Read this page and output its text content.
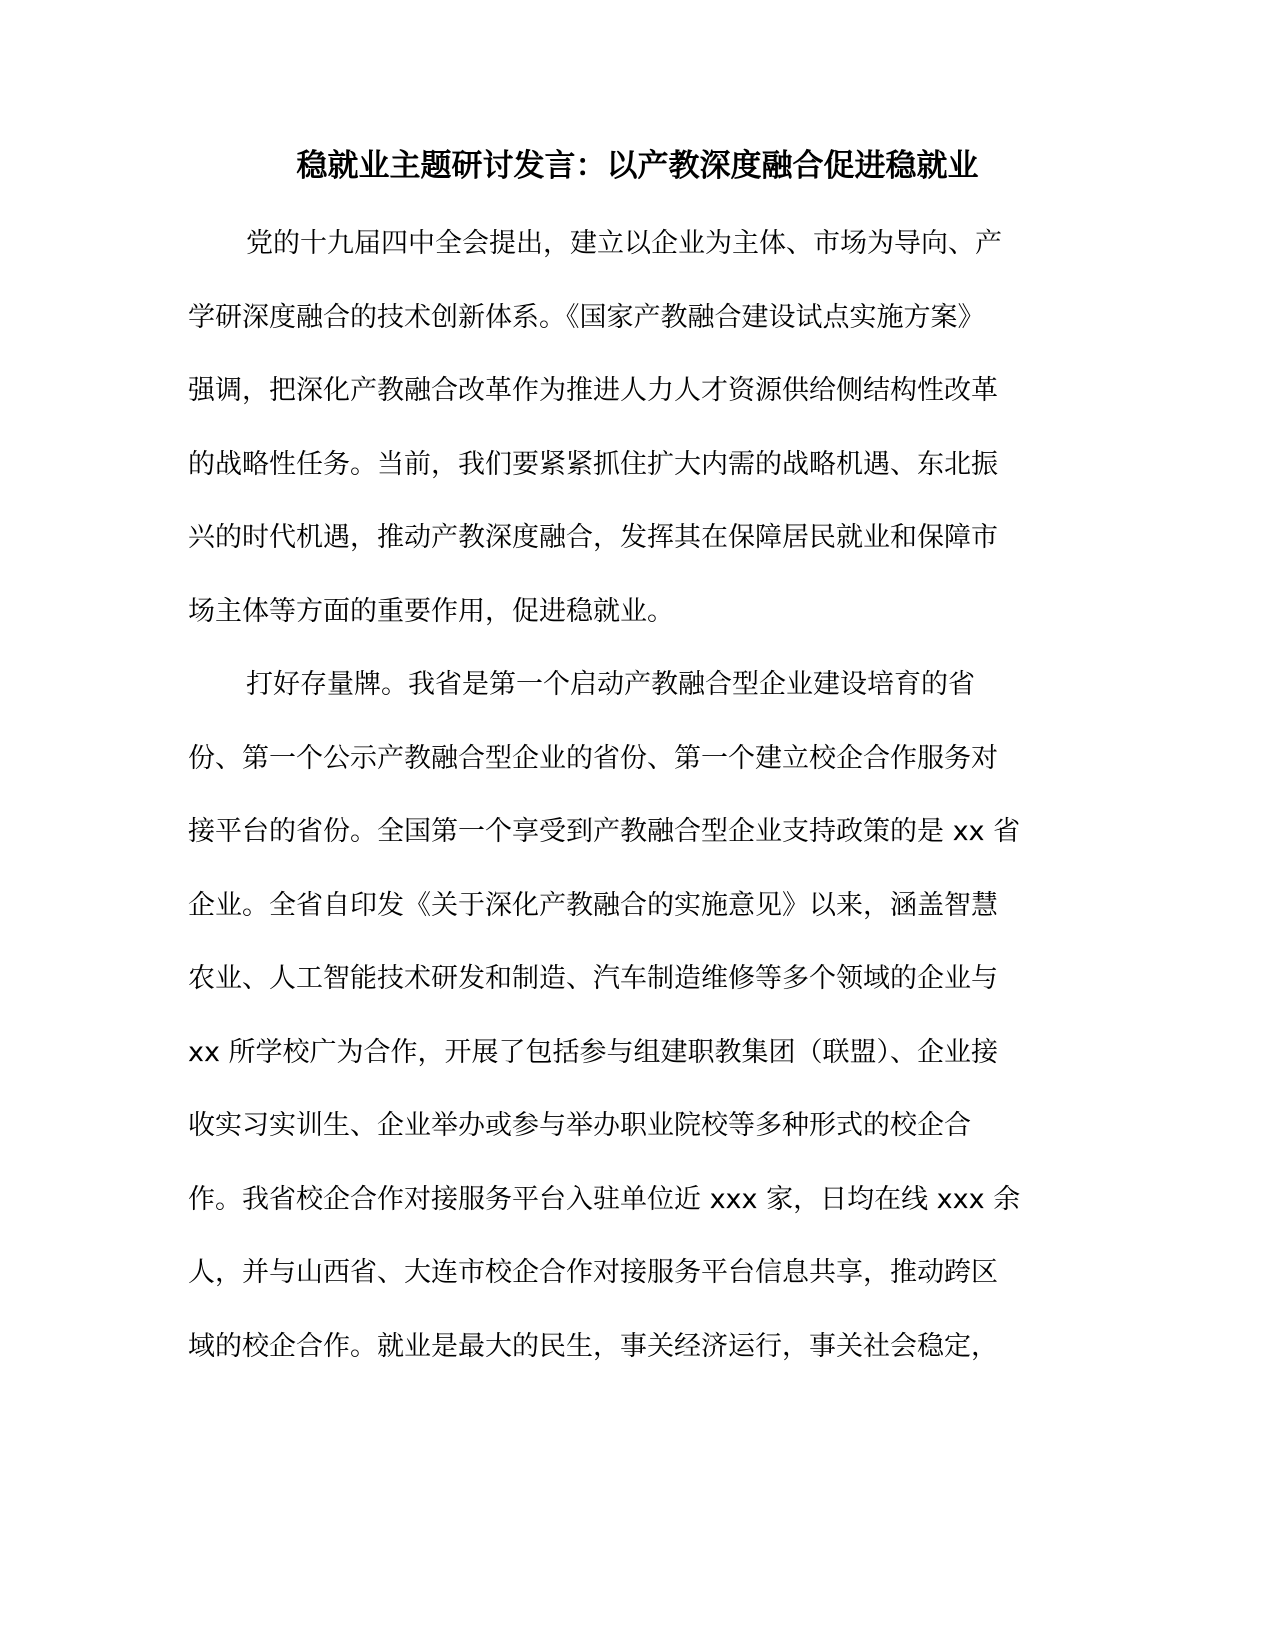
稳就业主题研讨发言：以产教深度融合促进稳就业
党的十九届四中全会提出，建立以企业为主体、市场为导向、产
学研深度融合的技术创新体系。《国家产教融合建设试点实施方案》
强调，把深化产教融合改革作为推进人力人才资源供给侧结构性改革
的战略性任务。当前，我们要紧紧抓住扩大内需的战略机遇、东北振
兴的时代机遇，推动产教深度融合，发挥其在保障居民就业和保障市
场主体等方面的重要作用，促进稳就业。
打好存量牌。我省是第一个启动产教融合型企业建设培育的省
份、第一个公示产教融合型企业的省份、第一个建立校企合作服务对
接平台的省份。全国第一个享受到产教融合型企业支持政策的是 xx 省
企业。全省自印发《关于深化产教融合的实施意见》以来，涵盖智慧
农业、人工智能技术研发和制造、汽车制造维修等多个领域的企业与
xx 所学校广为合作，开展了包括参与组建职教集团（联盟）、企业接
收实习实训生、企业举办或参与举办职业院校等多种形式的校企合
作。我省校企合作对接服务平台入驻单位近 xxx 家，日均在线 xxx 余
人，并与山西省、大连市校企合作对接服务平台信息共享，推动跨区
域的校企合作。就业是最大的民生，事关经济运行，事关社会稳定，
